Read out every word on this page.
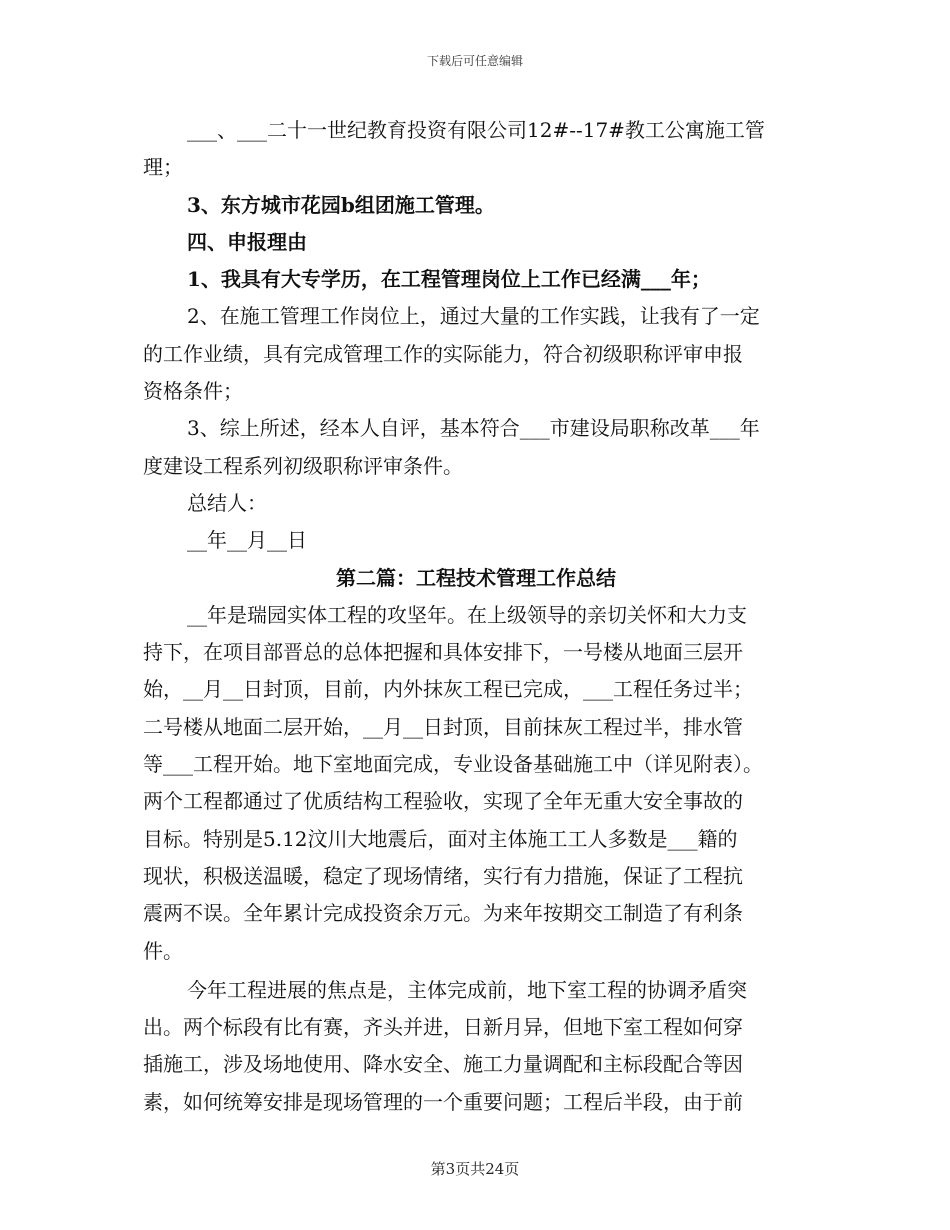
下载后可任意编辑

___、___二十一世纪教育投资有限公司12#--17#教工公寓施工管

理；

3、东方城市花园b组团施工管理。

四、申报理由

1、我具有大专学历，在工程管理岗位上工作已经满___年；

2、在施工管理工作岗位上，通过大量的工作实践，让我有了一定

的工作业绩，具有完成管理工作的实际能力，符合初级职称评审申报

资格条件；

3、综上所述，经本人自评，基本符合___市建设局职称改革___年

度建设工程系列初级职称评审条件。

总结人：

__年__月__日

第二篇：工程技术管理工作总结

__年是瑞园实体工程的攻坚年。在上级领导的亲切关怀和大力支

持下，在项目部晋总的总体把握和具体安排下，一号楼从地面三层开

始，__月__日封顶，目前，内外抹灰工程已完成，___工程任务过半；

二号楼从地面二层开始，__月__日封顶，目前抹灰工程过半，排水管

等___工程开始。地下室地面完成，专业设备基础施工中（详见附表）。

两个工程都通过了优质结构工程验收，实现了全年无重大安全事故的

目标。特别是5.12汶川大地震后，面对主体施工工人多数是___籍的

现状，积极送温暖，稳定了现场情绪，实行有力措施，保证了工程抗

震两不误。全年累计完成投资余万元。为来年按期交工制造了有利条

件。

今年工程进展的焦点是，主体完成前，地下室工程的协调矛盾突

出。两个标段有比有赛，齐头并进，日新月异，但地下室工程如何穿

插施工，涉及场地使用、降水安全、施工力量调配和主标段配合等因

素，如何统筹安排是现场管理的一个重要问题；工程后半段，由于前

第3页共24页
